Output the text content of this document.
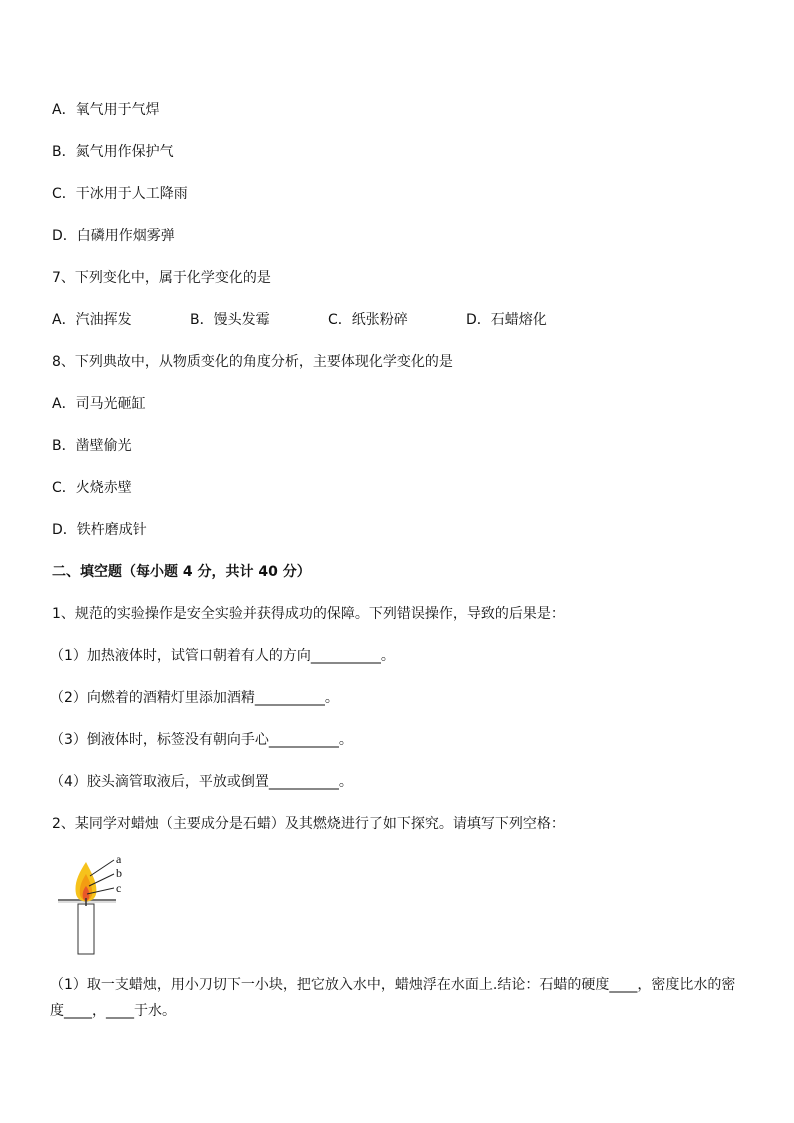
A．氧气用于气焊
B．氮气用作保护气
C．干冰用于人工降雨
D．白磷用作烟雾弹
7、下列变化中，属于化学变化的是
A．汽油挥发	B．馒头发霉	C．纸张粉碎	D．石蜡熔化
8、下列典故中，从物质变化的角度分析，主要体现化学变化的是
A．司马光砸缸
B．凿壁偷光
C．火烧赤壁
D．铁杵磨成针
二、填空题（每小题 4 分，共计 40 分）
1、规范的实验操作是安全实验并获得成功的保障。下列错误操作，导致的后果是：
（1）加热液体时，试管口朝着有人的方向__________。
（2）向燃着的酒精灯里添加酒精__________。
（3）倒液体时，标签没有朝向手心__________。
（4）胶头滴管取液后，平放或倒置__________。
2、某同学对蜡烛（主要成分是石蜡）及其燃烧进行了如下探究。请填写下列空格：
a
b
c
（1）取一支蜡烛，用小刀切下一小块，把它放入水中，蜡烛浮在水面上.结论：石蜡的硬度____，密度比水的密度____，____于水。
